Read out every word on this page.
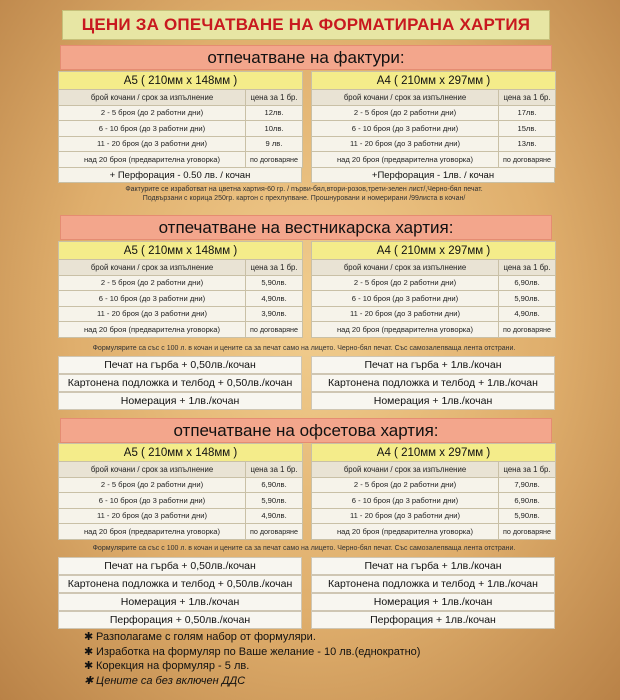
ЦЕНИ ЗА ОПЕЧАТВАНЕ НА ФОРМАТИРАНА ХАРТИЯ
отпечатване на фактури:
A5 ( 210мм х 148мм )	
брой кочани / срок за изпълнение	цена за 1 бр.
2 - 5 броя (до 2 работни дни)	12лв.
6 - 10 броя (до 3 работни дни)	10лв.
11 - 20 броя (до 3 работни дни)	9 лв.
над 20 броя (предварителна уговорка)	по договаряне
+ Перфорация - 0.50 лв. / кочан
A4 ( 210мм х 297мм )	
брой кочани / срок за изпълнение	цена за 1 бр.
2 - 5 броя (до 2 работни дни)	17лв.
6 - 10 броя (до 3 работни дни)	15лв.
11 - 20 броя (до 3 работни дни)	13лв.
над 20 броя (предварителна уговорка)	по договаряне
+Перфорация - 1лв. / кочан
Фактурите се изработват на цветна хартия-60 гр. / първи-бял,втори-розов,трети-зелен лист/,Черно-бял печат.
Подвързани с корица 250гр. картон с прехлупване. Прошнуровани и номерирани /99листа в кочан/
отпечатване на вестникарска хартия:
A5 ( 210мм х 148мм )	
брой кочани / срок за изпълнение	цена за 1 бр.
2 - 5 броя (до 2 работни дни)	5,90лв.
6 - 10 броя (до 3 работни дни)	4,90лв.
11 - 20 броя (до 3 работни дни)	3,90лв.
над 20 броя (предварителна уговорка)	по договаряне
A4 ( 210мм х 297мм )	
брой кочани / срок за изпълнение	цена за 1 бр.
2 - 5 броя (до 2 работни дни)	6,90лв.
6 - 10 броя (до 3 работни дни)	5,90лв.
11 - 20 броя (до 3 работни дни)	4,90лв.
над 20 броя (предварителна уговорка)	по договаряне
Формулярите са със с 100 л. в кочан и цените са за печат само на лицето. Черно-бял печат. Със самозалепваща лента отстрани.
Печат на гърба + 0,50лв./кочан
Картонена подложка и телбод + 0,50лв./кочан
Номерация + 1лв./кочан
Печат на гърба + 1лв./кочан
Картонена подложка и телбод + 1лв./кочан
Номерация + 1лв./кочан
отпечатване на офсетова хартия:
A5 ( 210мм х 148мм )	
брой кочани / срок за изпълнение	цена за 1 бр.
2 - 5 броя (до 2 работни дни)	6,90лв.
6 - 10 броя (до 3 работни дни)	5,90лв.
11 - 20 броя (до 3 работни дни)	4,90лв.
над 20 броя (предварителна уговорка)	по договаряне
A4 ( 210мм х 297мм )	
брой кочани / срок за изпълнение	цена за 1 бр.
2 - 5 броя (до 2 работни дни)	7,90лв.
6 - 10 броя (до 3 работни дни)	6,90лв.
11 - 20 броя (до 3 работни дни)	5,90лв.
над 20 броя (предварителна уговорка)	по договаряне
Формулярите са със с 100 л. в кочан и цените са за печат само на лицето. Черно-бял печат. Със самозалепваща лента отстрани.
Печат на гърба + 0,50лв./кочан
Картонена подложка и телбод + 0,50лв./кочан
Номерация + 1лв./кочан
Перфорация + 0,50лв./кочан
Печат на гърба + 1лв./кочан
Картонена подложка и телбод + 1лв./кочан
Номерация + 1лв./кочан
Перфорация + 1лв./кочан
✱ Разполагаме с голям набор от формуляри.
✱ Изработка на формуляр по Ваше желание - 10 лв.(еднократно)
✱ Корекция на формуляр - 5 лв.
✱ Цените са без включен ДДС
